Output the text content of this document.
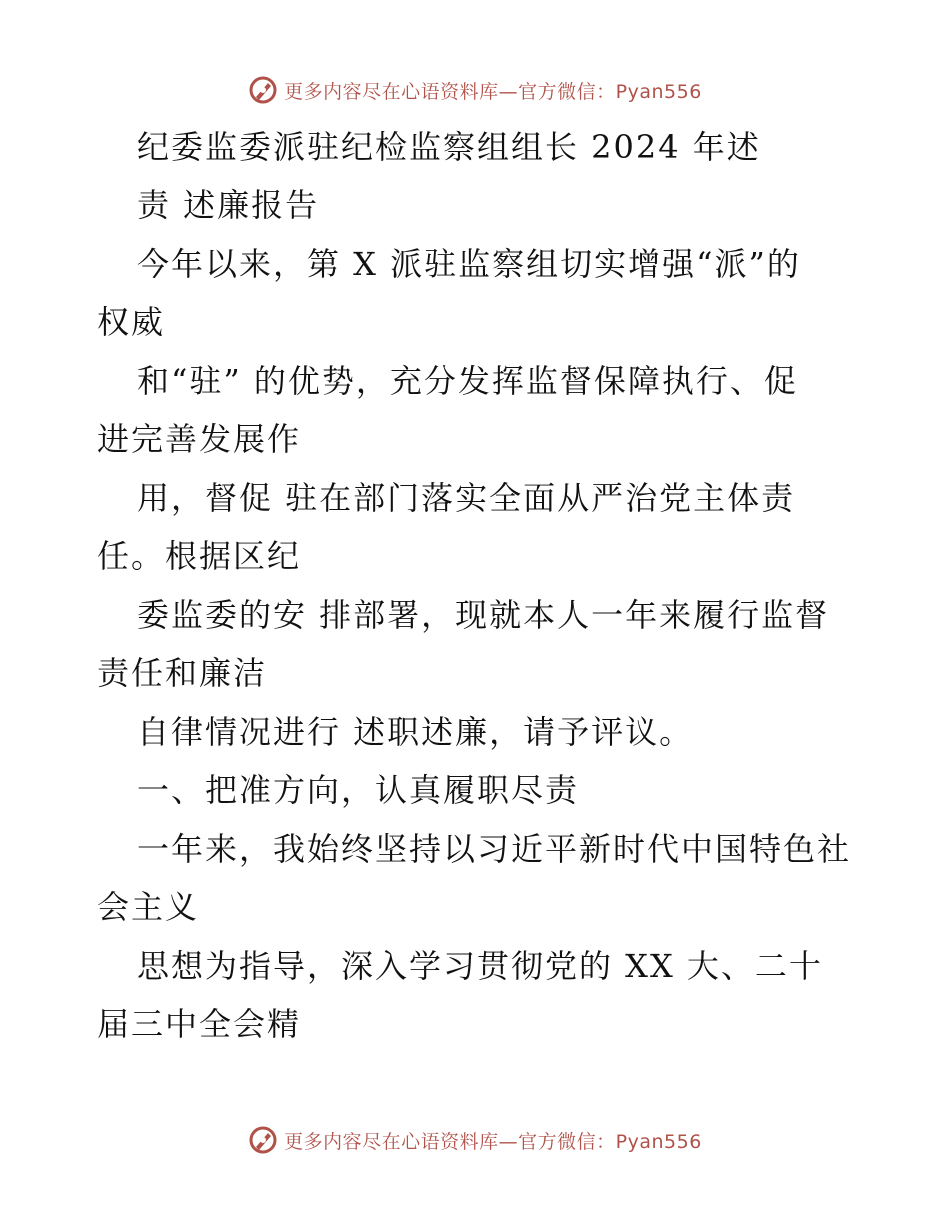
更多内容尽在心语资料库—官方微信：Pyan556
纪委监委派驻纪检监察组组长 2024 年述
责 述廉报告
今年以来，第 X 派驻监察组切实增强“派”的
权威
和“驻” 的优势，充分发挥监督保障执行、促
进完善发展作
用，督促 驻在部门落实全面从严治党主体责
任。根据区纪
委监委的安 排部署，现就本人一年来履行监督
责任和廉洁
自律情况进行 述职述廉，请予评议。
一、把准方向，认真履职尽责
一年来，我始终坚持以习近平新时代中国特色社
会主义
思想为指导，深入学习贯彻党的 XX 大、二十
届三中全会精
更多内容尽在心语资料库—官方微信：Pyan556
